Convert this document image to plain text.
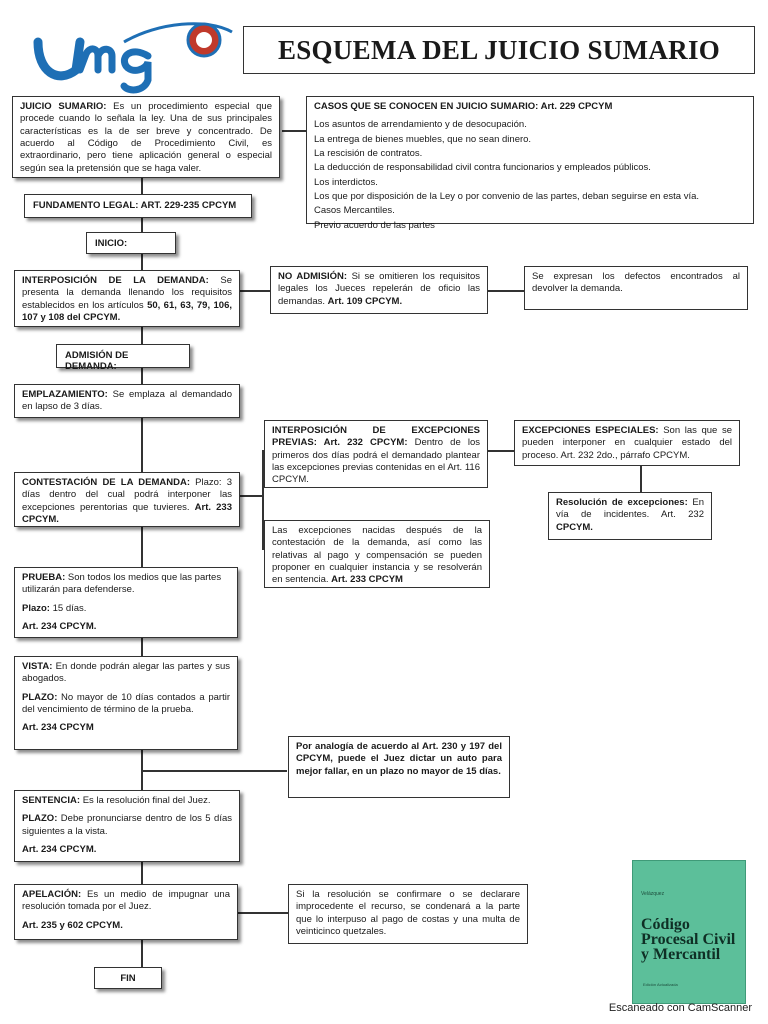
Umg
ESQUEMA DEL JUICIO SUMARIO
JUICIO SUMARIO: Es un procedimiento especial que procede cuando lo señala la ley. Una de sus principales características es la de ser breve y concentrado. De acuerdo al Código de Procedimiento Civil, es extraordinario, pero tiene aplicación general o especial según sea la pretensión que se haga valer.
CASOS QUE SE CONOCEN EN JUICIO SUMARIO: Art. 229 CPCYM
Los asuntos de arrendamiento y de desocupación.
La entrega de bienes muebles, que no sean dinero.
La rescisión de contratos.
La deducción de responsabilidad civil contra funcionarios y empleados públicos.
Los interdictos.
Los que por disposición de la Ley o por convenio de las partes, deban seguirse en esta vía.
Casos Mercantiles.
Previo acuerdo de las partes
FUNDAMENTO LEGAL: ART. 229-235 CPCYM
INICIO:
INTERPOSICIÓN DE LA DEMANDA: Se presenta la demanda llenando los requisitos establecidos en los artículos 50, 61, 63, 79, 106, 107 y 108 del CPCYM.
NO ADMISIÓN: Si se omitieren los requisitos legales los Jueces repelerán de oficio las demandas. Art. 109 CPCYM.
Se expresan los defectos encontrados al devolver la demanda.
ADMISIÓN DE DEMANDA:
EMPLAZAMIENTO: Se emplaza al demandado en lapso de 3 días.
INTERPOSICIÓN DE EXCEPCIONES PREVIAS: Art. 232 CPCYM: Dentro de los primeros dos días podrá el demandado plantear las excepciones previas contenidas en el Art. 116 CPCYM.
EXCEPCIONES ESPECIALES: Son las que se pueden interponer en cualquier estado del proceso. Art. 232 2do., párrafo CPCYM.
Resolución de excepciones: En vía de incidentes. Art. 232 CPCYM.
CONTESTACIÓN DE LA DEMANDA: Plazo: 3 días dentro del cual podrá interponer las excepciones perentorias que tuvieres. Art. 233 CPCYM.
Las excepciones nacidas después de la contestación de la demanda, así como las relativas al pago y compensación se pueden proponer en cualquier instancia y se resolverán en sentencia. Art. 233 CPCYM

PRUEBA: Son todos los medios que las partes utilizarán para defenderse.

Plazo: 15 días.

Art. 234 CPCYM.

VISTA: En donde podrán alegar las partes y sus abogados.

PLAZO: No mayor de 10 días contados a partir del vencimiento de término de la prueba.

Art. 234 CPCYM

Por analogía de acuerdo al Art. 230 y 197 del CPCYM, puede el Juez dictar un auto para mejor fallar, en un plazo no mayor de 15 días.

SENTENCIA: Es la resolución final del Juez.

PLAZO: Debe pronunciarse dentro de los 5 días siguientes a la vista.

Art. 234 CPCYM.

APELACIÓN: Es un medio de impugnar una resolución tomada por el Juez.

Art. 235 y 602 CPCYM.

Si la resolución se confirmare o se declarare improcedente el recurso, se condenará a la parte que lo interpuso al pago de costas y una multa de veinticinco quetzales.
FIN
Velázquez
Código Procesal Civil y Mercantil
Edición Actualizada
Escaneado con CamScanner
